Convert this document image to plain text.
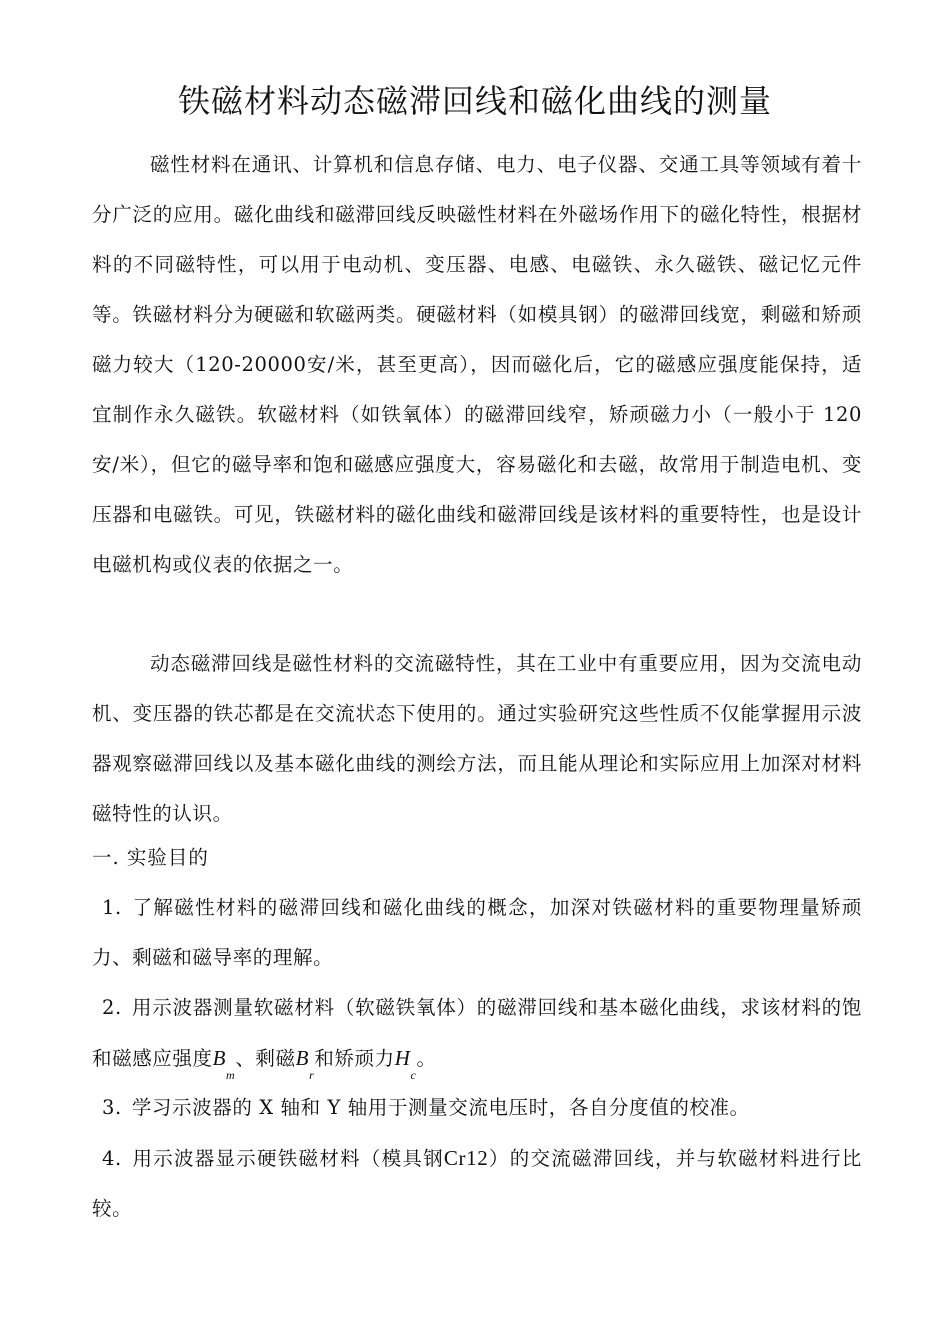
铁磁材料动态磁滞回线和磁化曲线的测量
磁性材料在通讯、计算机和信息存储、电力、电子仪器、交通工具等领域有着十分广泛的应用。磁化曲线和磁滞回线反映磁性材料在外磁场作用下的磁化特性，根据材料的不同磁特性，可以用于电动机、变压器、电感、电磁铁、永久磁铁、磁记忆元件等。铁磁材料分为硬磁和软磁两类。硬磁材料（如模具钢）的磁滞回线宽，剩磁和矫顽磁力较大（120-20000安/米，甚至更高），因而磁化后，它的磁感应强度能保持，适宜制作永久磁铁。软磁材料（如铁氧体）的磁滞回线窄，矫顽磁力小（一般小于 120 安/米），但它的磁导率和饱和磁感应强度大，容易磁化和去磁，故常用于制造电机、变压器和电磁铁。可见，铁磁材料的磁化曲线和磁滞回线是该材料的重要特性，也是设计电磁机构或仪表的依据之一。
动态磁滞回线是磁性材料的交流磁特性，其在工业中有重要应用，因为交流电动机、变压器的铁芯都是在交流状态下使用的。通过实验研究这些性质不仅能掌握用示波器观察磁滞回线以及基本磁化曲线的测绘方法，而且能从理论和实际应用上加深对材料磁特性的认识。
一. 实验目的
1. 了解磁性材料的磁滞回线和磁化曲线的概念，加深对铁磁材料的重要物理量矫顽力、剩磁和磁导率的理解。
2. 用示波器测量软磁材料（软磁铁氧体）的磁滞回线和基本磁化曲线，求该材料的饱和磁感应强度$B_m$、剩磁$B_r$和矫顽力$H_c$。
3. 学习示波器的 X 轴和 Y 轴用于测量交流电压时，各自分度值的校准。
4. 用示波器显示硬铁磁材料（模具钢Cr12）的交流磁滞回线，并与软磁材料进行比较。
